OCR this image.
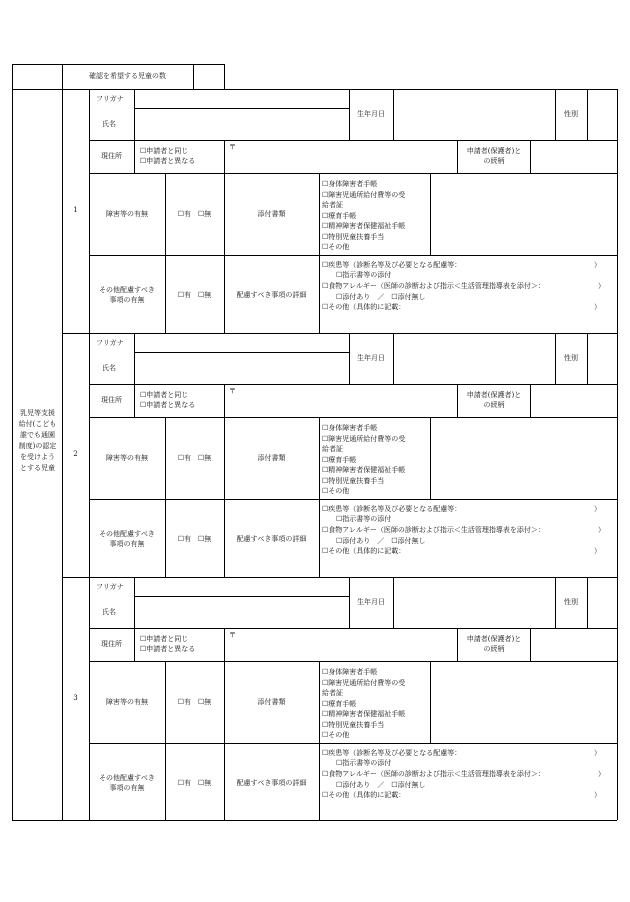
確認を希望する児童の数
乳児等支援
給付(こども
誰でも通園
制度)の認定
を受けよう
とする児童
1
フリガナ
氏名
生年月日	性別
現住所
☐申請者と同じ
☐申請者と異なる
〒	申請者(保護者)と
の続柄
障害等の有無	☐有　☐無	添付書類
☐身体障害者手帳
☐障害児通所給付費等の受
給者証
☐療育手帳
☐精神障害者保健福祉手帳
☐特別児童扶養手当
☐その他
その他配慮すべき
事項の有無
☐有　☐無	配慮すべき事項の詳細
☐疾患等（診断名等及び必要となる配慮等：
　　☐指示書等の添付
☐食物アレルギー（医師の診断および指示＜生活管理指導表を添付＞：
　　☐添付あり　／　☐添付無し
☐その他（具体的に記載：
）
）
）
2
フリガナ
氏名
生年月日	性別
現住所
☐申請者と同じ
☐申請者と異なる
〒	申請者(保護者)と
の続柄
障害等の有無	☐有　☐無	添付書類
☐身体障害者手帳
☐障害児通所給付費等の受
給者証
☐療育手帳
☐精神障害者保健福祉手帳
☐特別児童扶養手当
☐その他
その他配慮すべき
事項の有無
☐有　☐無	配慮すべき事項の詳細
☐疾患等（診断名等及び必要となる配慮等：
　　☐指示書等の添付
☐食物アレルギー（医師の診断および指示＜生活管理指導表を添付＞：
　　☐添付あり　／　☐添付無し
☐その他（具体的に記載：
）
）
）
3
フリガナ
氏名
生年月日	性別
現住所
☐申請者と同じ
☐申請者と異なる
〒	申請者(保護者)と
の続柄
障害等の有無	☐有　☐無	添付書類
☐身体障害者手帳
☐障害児通所給付費等の受
給者証
☐療育手帳
☐精神障害者保健福祉手帳
☐特別児童扶養手当
☐その他
その他配慮すべき
事項の有無
☐有　☐無	配慮すべき事項の詳細
☐疾患等（診断名等及び必要となる配慮等：
　　☐指示書等の添付
☐食物アレルギー（医師の診断および指示＜生活管理指導表を添付＞：
　　☐添付あり　／　☐添付無し
☐その他（具体的に記載：
）
）
）
